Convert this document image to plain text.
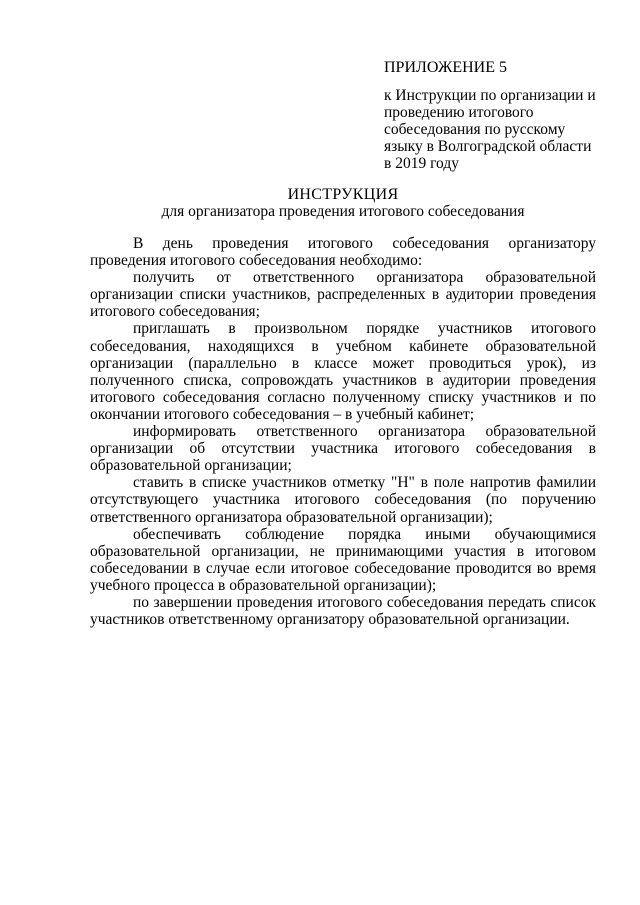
ПРИЛОЖЕНИЕ 5
к Инструкции по организации и
проведению итогового
собеседования по русскому
языку в Волгоградской области
в 2019 году
ИНСТРУКЦИЯ
для организатора проведения итогового собеседования

В день проведения итогового собеседования организатору проведения итогового собеседования необходимо:

получить от ответственного организатора образовательной организации списки участников, распределенных в аудитории проведения итогового собеседования;

приглашать в произвольном порядке участников итогового собеседования, находящихся в учебном кабинете образовательной организации (параллельно в классе может проводиться урок), из полученного списка, сопровождать участников в аудитории проведения итогового собеседования согласно полученному списку участников и по окончании итогового собеседования – в учебный кабинет;

информировать ответственного организатора образовательной организации об отсутствии участника итогового собеседования в образовательной организации;

ставить в списке участников отметку "Н" в поле напротив фамилии отсутствующего участника итогового собеседования (по поручению ответственного организатора образовательной организации);

обеспечивать соблюдение порядка иными обучающимися образовательной организации, не принимающими участия в итоговом собеседовании в случае если итоговое собеседование проводится во время учебного процесса в образовательной организации);

по завершении проведения итогового собеседования передать список участников ответственному организатору образовательной организации.
